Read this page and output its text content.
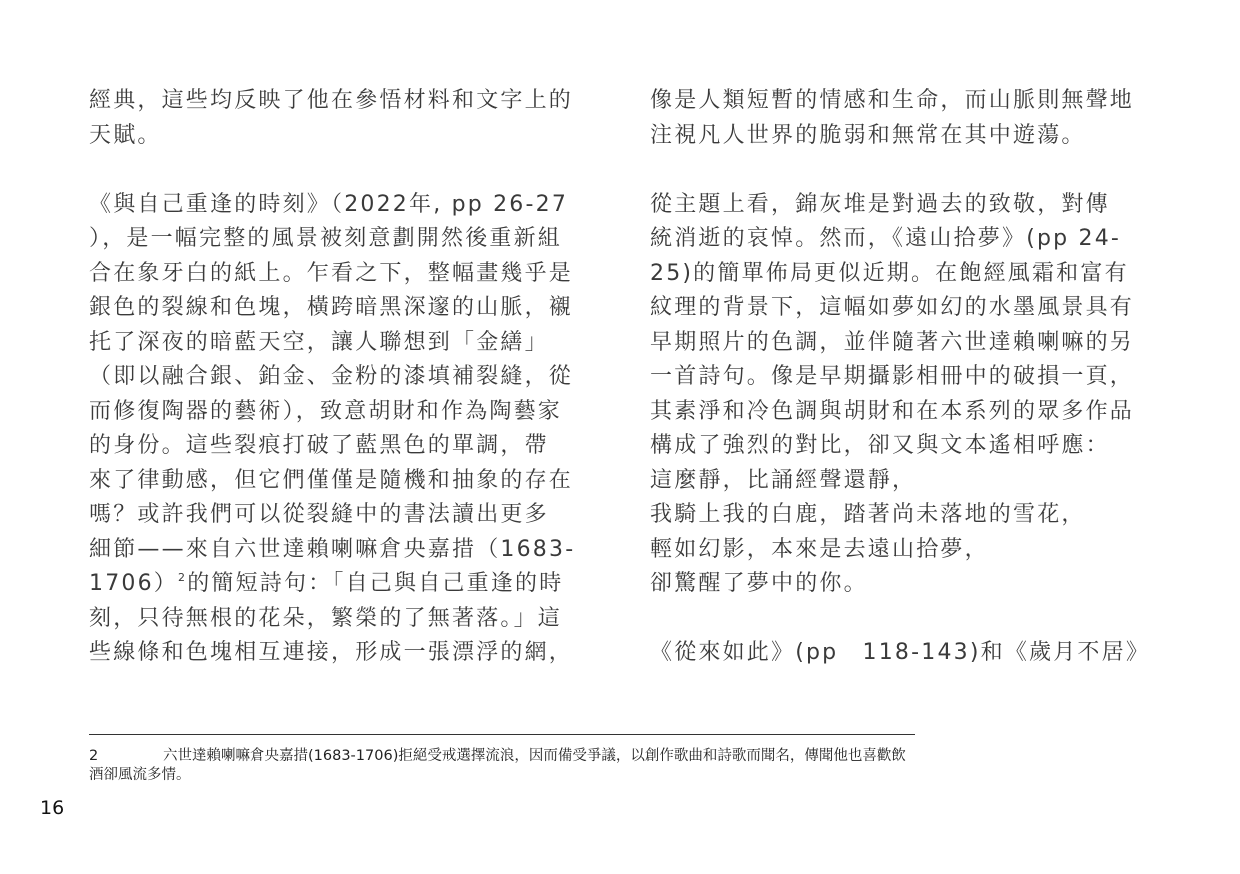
經典，這些均反映了他在參悟材料和文字上的
天賦。
《與自己重逢的時刻》（2022年, pp 26-27
），是一幅完整的風景被刻意劃開然後重新組
合在象牙白的紙上。乍看之下，整幅畫幾乎是
銀色的裂線和色塊，橫跨暗黑深邃的山脈，襯
托了深夜的暗藍天空，讓人聯想到「金繕」
（即以融合銀、鉑金、金粉的漆填補裂縫，從
而修復陶器的藝術），致意胡財和作為陶藝家
的身份。這些裂痕打破了藍黑色的單調，帶
來了律動感，但它們僅僅是隨機和抽象的存在
嗎？或許我們可以從裂縫中的書法讀出更多
細節——來自六世達賴喇嘛倉央嘉措（1683-
1706）$^2$的簡短詩句：「自己與自己重逢的時
刻，只待無根的花朵，繁榮的了無著落。」這
些線條和色塊相互連接，形成一張漂浮的網，
像是人類短暫的情感和生命，而山脈則無聲地
注視凡人世界的脆弱和無常在其中遊蕩。
從主題上看，錦灰堆是對過去的致敬，對傳
統消逝的哀悼。然而，《遠山拾夢》(pp 24-
25)的簡單佈局更似近期。在飽經風霜和富有
紋理的背景下，這幅如夢如幻的水墨風景具有
早期照片的色調，並伴隨著六世達賴喇嘛的另
一首詩句。像是早期攝影相冊中的破損一頁，
其素淨和冷色調與胡財和在本系列的眾多作品
構成了強烈的對比，卻又與文本遙相呼應：
這麼靜，比誦經聲還靜，
我騎上我的白鹿，踏著尚未落地的雪花，
輕如幻影，本來是去遠山拾夢，
卻驚醒了夢中的你。
《從來如此》(pp　118-143)和《歲月不居》
2	六世達賴喇嘛倉央嘉措(1683-1706)拒絕受戒選擇流浪，因而備受爭議，以創作歌曲和詩歌而聞名，傳聞他也喜歡飲
酒卻風流多情。
16
